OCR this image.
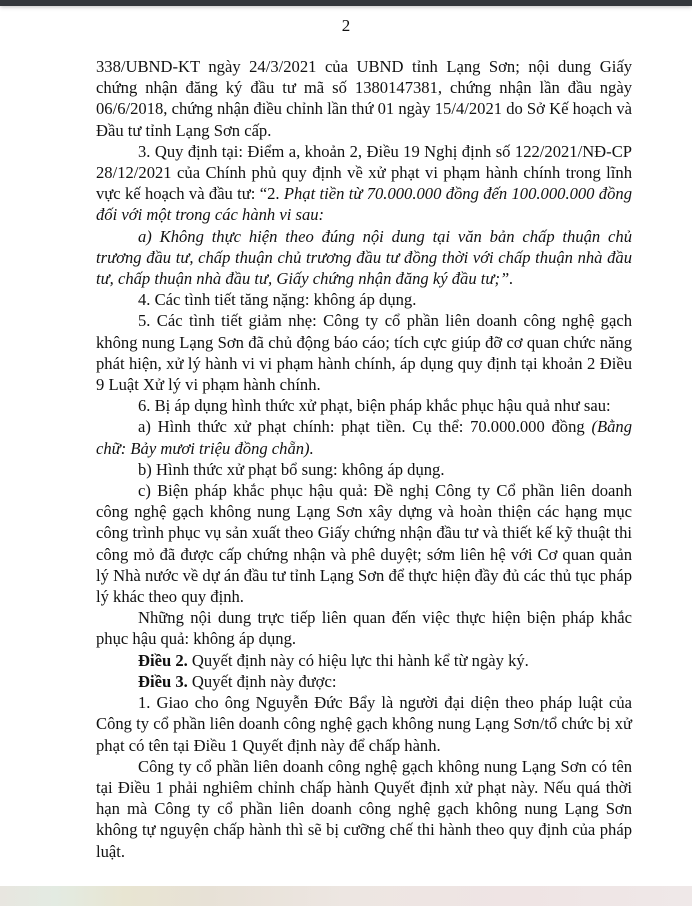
2

338/UBND-KT ngày 24/3/2021 của UBND tỉnh Lạng Sơn; nội dung Giấy chứng nhận đăng ký đầu tư mã số 1380147381, chứng nhận lần đầu ngày 06/6/2018, chứng nhận điều chỉnh lần thứ 01 ngày 15/4/2021 do Sở Kế hoạch và Đầu tư tỉnh Lạng Sơn cấp.

3. Quy định tại: Điểm a, khoản 2, Điều 19 Nghị định số 122/2021/NĐ-CP 28/12/2021 của Chính phủ quy định về xử phạt vi phạm hành chính trong lĩnh vực kế hoạch và đầu tư: “2. Phạt tiền từ 70.000.000 đồng đến 100.000.000 đồng đối với một trong các hành vi sau:

a) Không thực hiện theo đúng nội dung tại văn bản chấp thuận chủ trương đầu tư, chấp thuận chủ trương đầu tư đồng thời với chấp thuận nhà đầu tư, chấp thuận nhà đầu tư, Giấy chứng nhận đăng ký đầu tư;”.

4. Các tình tiết tăng nặng: không áp dụng.

5. Các tình tiết giảm nhẹ: Công ty cổ phần liên doanh công nghệ gạch không nung Lạng Sơn đã chủ động báo cáo; tích cực giúp đỡ cơ quan chức năng phát hiện, xử lý hành vi vi phạm hành chính, áp dụng quy định tại khoản 2 Điều 9 Luật Xử lý vi phạm hành chính.

6. Bị áp dụng hình thức xử phạt, biện pháp khắc phục hậu quả như sau:

a) Hình thức xử phạt chính: phạt tiền. Cụ thể: 70.000.000 đồng (Bằng chữ: Bảy mươi triệu đồng chẵn).

b) Hình thức xử phạt bổ sung: không áp dụng.

c) Biện pháp khắc phục hậu quả: Đề nghị Công ty Cổ phần liên doanh công nghệ gạch không nung Lạng Sơn xây dựng và hoàn thiện các hạng mục công trình phục vụ sản xuất theo Giấy chứng nhận đầu tư và thiết kế kỹ thuật thi công mỏ đã được cấp chứng nhận và phê duyệt; sớm liên hệ với Cơ quan quản lý Nhà nước về dự án đầu tư tỉnh Lạng Sơn để thực hiện đầy đủ các thủ tục pháp lý khác theo quy định.

Những nội dung trực tiếp liên quan đến việc thực hiện biện pháp khắc phục hậu quả: không áp dụng.

Điều 2. Quyết định này có hiệu lực thi hành kể từ ngày ký.

Điều 3. Quyết định này được:

1. Giao cho ông Nguyễn Đức Bẩy là người đại diện theo pháp luật của Công ty cổ phần liên doanh công nghệ gạch không nung Lạng Sơn/tổ chức bị xử phạt có tên tại Điều 1 Quyết định này để chấp hành.

Công ty cổ phần liên doanh công nghệ gạch không nung Lạng Sơn có tên tại Điều 1 phải nghiêm chỉnh chấp hành Quyết định xử phạt này. Nếu quá thời hạn mà Công ty cổ phần liên doanh công nghệ gạch không nung Lạng Sơn không tự nguyện chấp hành thì sẽ bị cưỡng chế thi hành theo quy định của pháp luật.
